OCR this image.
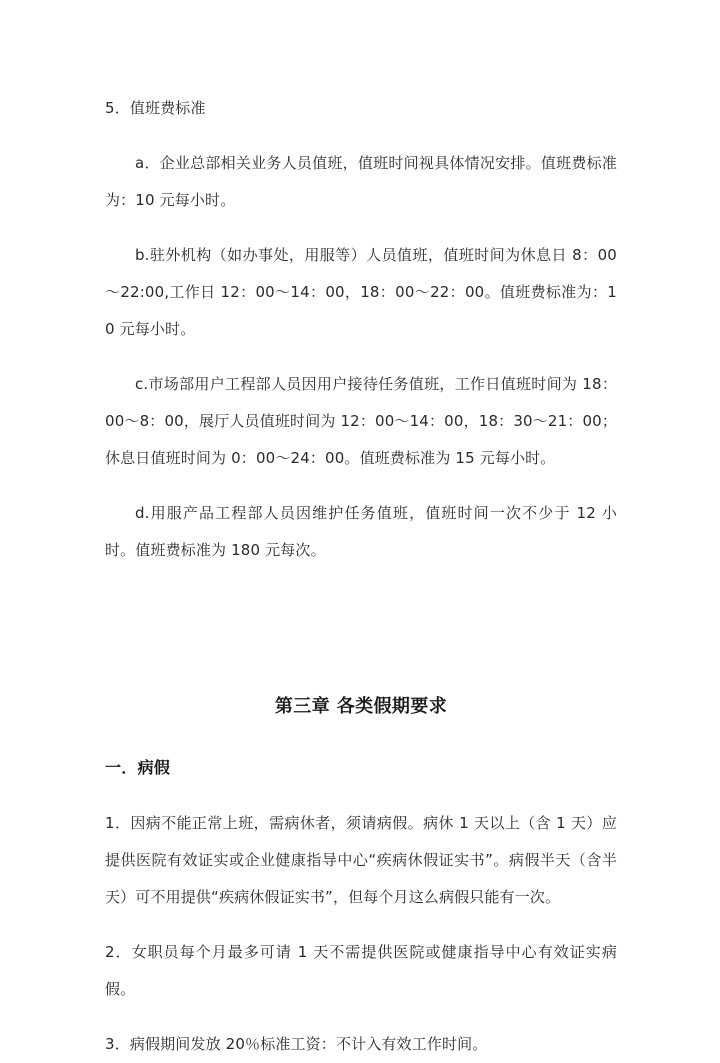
5．值班费标准

a．企业总部相关业务人员值班，值班时间视具体情况安排。值班费标准为：10 元每小时。

b.驻外机构（如办事处，用服等）人员值班，值班时间为休息日 8：00～22:00,工作日 12：00～14：00，18：00～22：00。值班费标准为：10 元每小时。

c.市场部用户工程部人员因用户接待任务值班，工作日值班时间为 18：00～8：00，展厅人员值班时间为 12：00～14：00，18：30～21：00；休息日值班时间为 0：00～24：00。值班费标准为 15 元每小时。

d.用服产品工程部人员因维护任务值班，值班时间一次不少于 12 小时。值班费标准为 180 元每次。

第三章 各类假期要求
一．病假

1．因病不能正常上班，需病休者，须请病假。病休 1 天以上（含 1 天）应提供医院有效证实或企业健康指导中心“疾病休假证实书”。病假半天（含半天）可不用提供“疾病休假证实书”，但每个月这么病假只能有一次。

2．女职员每个月最多可请 1 天不需提供医院或健康指导中心有效证实病假。

3．病假期间发放 20％标准工资：不计入有效工作时间。
